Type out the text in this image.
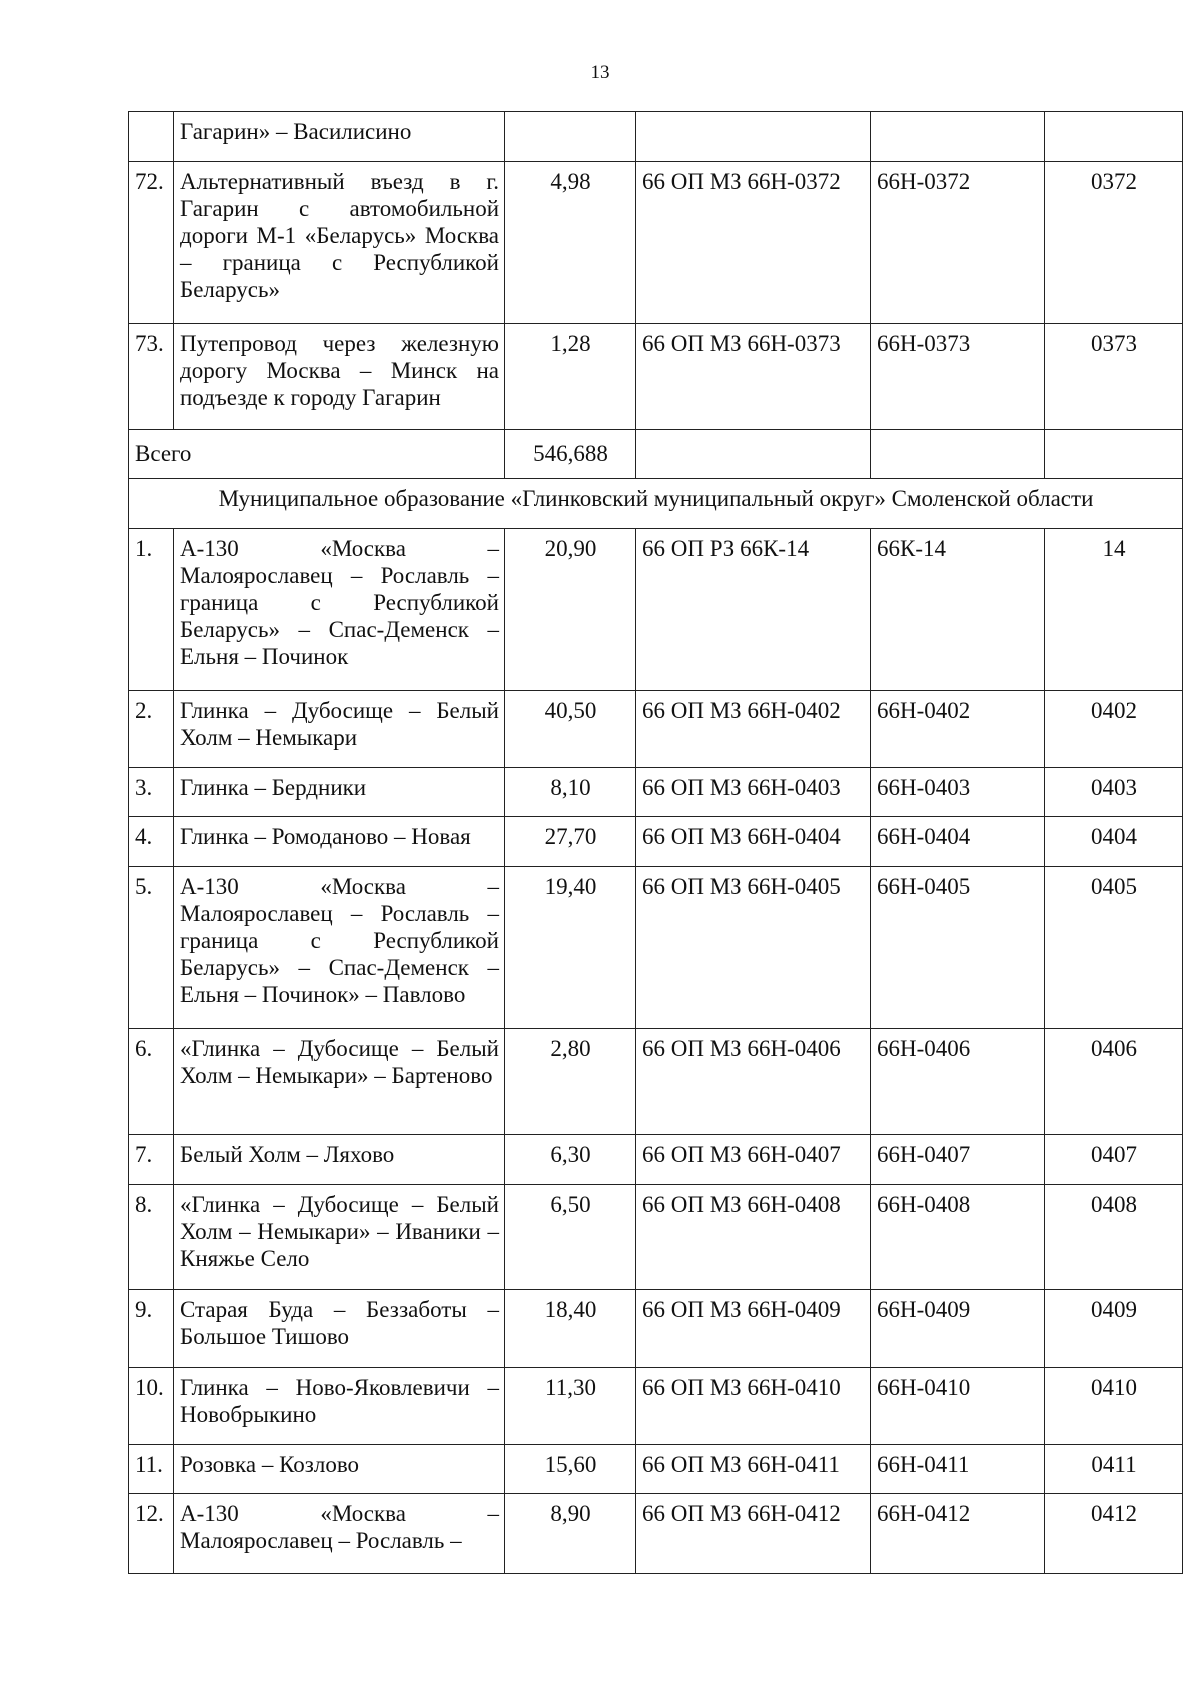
13
	Гагарин» – Василисино				
72.	Альтернативный въезд в г. Гагарин с автомобильной дороги М-1 «Беларусь» Москва – граница с Республикой Беларусь»	4,98	66 ОП МЗ 66Н-0372	66Н-0372	0372
73.	Путепровод через железную дорогу Москва – Минск на подъезде к городу Гагарин	1,28	66 ОП МЗ 66Н-0373	66Н-0373	0373
Всего		546,688			
Муниципальное образование «Глинковский муниципальный округ» Смоленской области					
1.	А-130 «Москва – Малоярославец – Рославль – граница с Республикой Беларусь» – Спас-Деменск – Ельня – Починок	20,90	66 ОП РЗ 66К-14	66К-14	14
2.	Глинка – Дубосище – Белый Холм – Немыкари	40,50	66 ОП МЗ 66Н-0402	66Н-0402	0402
3.	Глинка – Бердники	8,10	66 ОП МЗ 66Н-0403	66Н-0403	0403
4.	Глинка – Ромоданово – Новая	27,70	66 ОП МЗ 66Н-0404	66Н-0404	0404
5.	А-130 «Москва – Малоярославец – Рославль – граница с Республикой Беларусь» – Спас-Деменск – Ельня – Починок» – Павлово	19,40	66 ОП МЗ 66Н-0405	66Н-0405	0405
6.	«Глинка – Дубосище – Белый Холм – Немыкари» – Бартеново	2,80	66 ОП МЗ 66Н-0406	66Н-0406	0406
7.	Белый Холм – Ляхово	6,30	66 ОП МЗ 66Н-0407	66Н-0407	0407
8.	«Глинка – Дубосище – Белый Холм – Немыкари» – Иваники – Княжье Село	6,50	66 ОП МЗ 66Н-0408	66Н-0408	0408
9.	Старая Буда – Беззаботы – Большое Тишово	18,40	66 ОП МЗ 66Н-0409	66Н-0409	0409
10.	Глинка – Ново-Яковлевичи – Новобрыкино	11,30	66 ОП МЗ 66Н-0410	66Н-0410	0410
11.	Розовка – Козлово	15,60	66 ОП МЗ 66Н-0411	66Н-0411	0411
12.	А-130 «Москва – Малоярославец – Рославль –	8,90	66 ОП МЗ 66Н-0412	66Н-0412	0412
